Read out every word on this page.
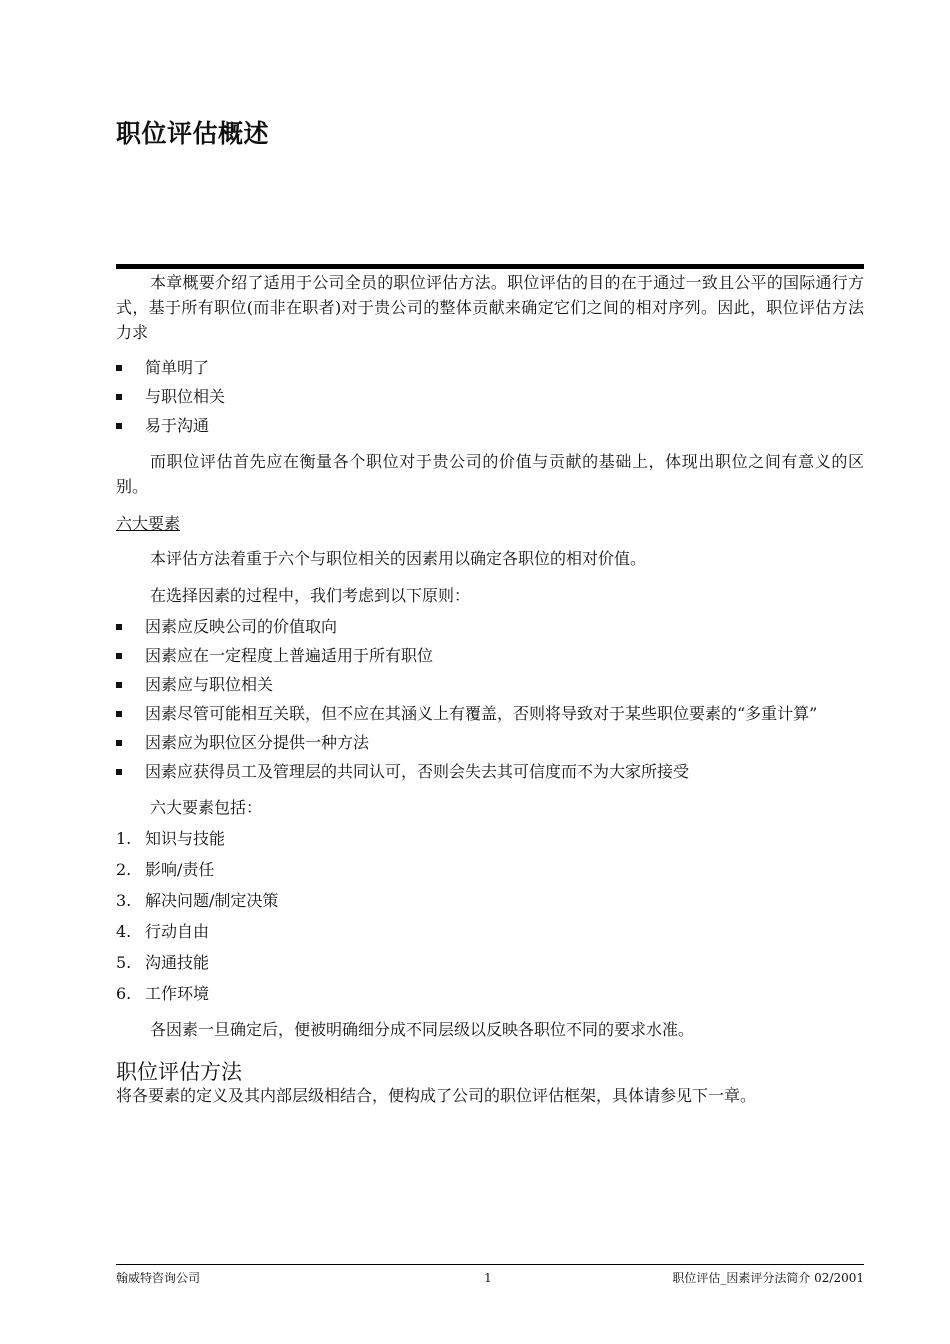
职位评估概述

本章概要介绍了适用于公司全员的职位评估方法。职位评估的目的在于通过一致且公平的国际通行方式，基于所有职位(而非在职者)对于贵公司的整体贡献来确定它们之间的相对序列。因此，职位评估方法力求

简单明了
与职位相关
易于沟通

而职位评估首先应在衡量各个职位对于贵公司的价值与贡献的基础上，体现出职位之间有意义的区别。

六大要素

本评估方法着重于六个与职位相关的因素用以确定各职位的相对价值。

在选择因素的过程中，我们考虑到以下原则：

因素应反映公司的价值取向
因素应在一定程度上普遍适用于所有职位
因素应与职位相关
因素尽管可能相互关联，但不应在其涵义上有覆盖，否则将导致对于某些职位要素的“多重计算”
因素应为职位区分提供一种方法
因素应获得员工及管理层的共同认可，否则会失去其可信度而不为大家所接受

六大要素包括：

1. 知识与技能
2. 影响/责任
3. 解决问题/制定决策
4. 行动自由
5. 沟通技能
6. 工作环境

各因素一旦确定后，便被明确细分成不同层级以反映各职位不同的要求水准。

职位评估方法

将各要素的定义及其内部层级相结合，便构成了公司的职位评估框架，具体请参见下一章。

翰威特咨询公司	1	职位评估_因素评分法简介 02/2001
